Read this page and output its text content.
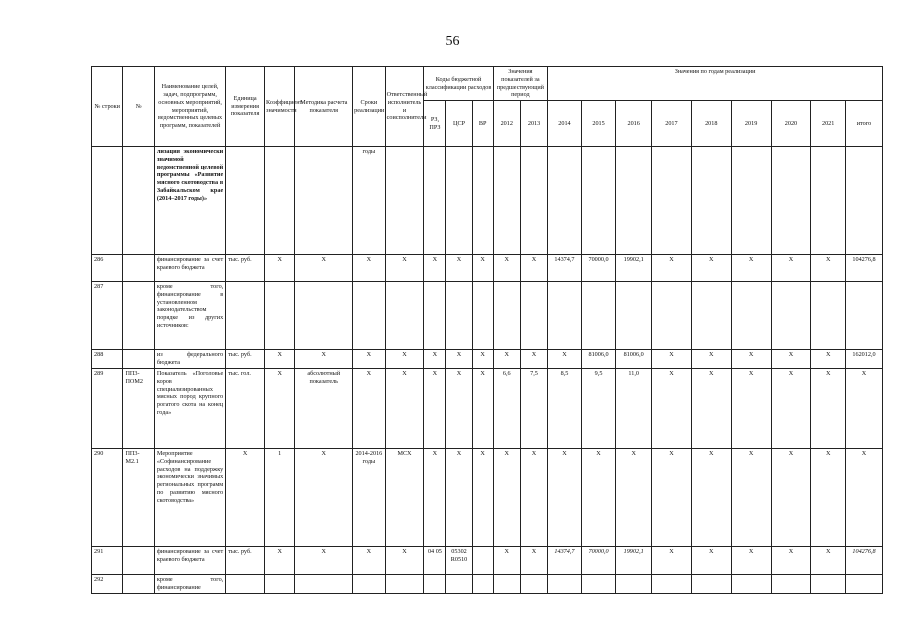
56
№ строки	№	Наименование целей, задач, подпрограмм, основных мероприятий, мероприятий, ведомственных целевых программ, показателей	Единица измерения показателя	Коэффициент значимости	Методика расчета показателя	Сроки реализации	Ответственный исполнитель и соисполнители	Коды бюджетной классификации расходов			Значения показателей за предшествующий период		Значения по годам реализации								
								РЗ, ПРЗ	ЦСР	ВР	2012	2013	2014	2015	2016	2017	2018	2019	2020	2021	итого
		лизация экономически значимой ведомственной целевой программы «Развитие мясного скотоводства в Забайкальском крае (2014–2017 годы)»				годы															
286		финансирование за счет краевого бюджета	тыс. руб.	Х	Х	Х	Х	Х	Х	Х	Х	Х	14374,7	70000,0	19902,1	Х	Х	Х	Х	Х	104276,8
287		кроме того, финансирование в установленном законодательством порядке из других источников:																			
288		из федерального бюджета	тыс. руб.	Х	Х	Х	Х	Х	Х	Х	Х	Х	Х	81006,0	81006,0	Х	Х	Х	Х	Х	162012,0
289	ПП3-ПОМ2	Показатель «Поголовье коров специализированных мясных пород крупного рогатого скота на конец года»	тыс. гол.	Х	абсолютный показатель	Х	Х	Х	Х	Х	6,6	7,5	8,5	9,5	11,0	Х	Х	Х	Х	Х	Х
290	ПП3-М2.1	Мероприятие «Софинансирование расходов на поддержку экономически значимых региональных программ по развитию мясного скотоводства»	Х	1	Х	2014-2016 годы	МСХ	Х	Х	Х	Х	Х	Х	Х	Х	Х	Х	Х	Х	Х	Х
291		финансирование за счет краевого бюджета	тыс. руб.	Х	Х	Х	Х	04 05	05302 R0510		Х	Х	14374,7	70000,0	19902,1	Х	Х	Х	Х	Х	104276,8
292		кроме того, финансирование																			
